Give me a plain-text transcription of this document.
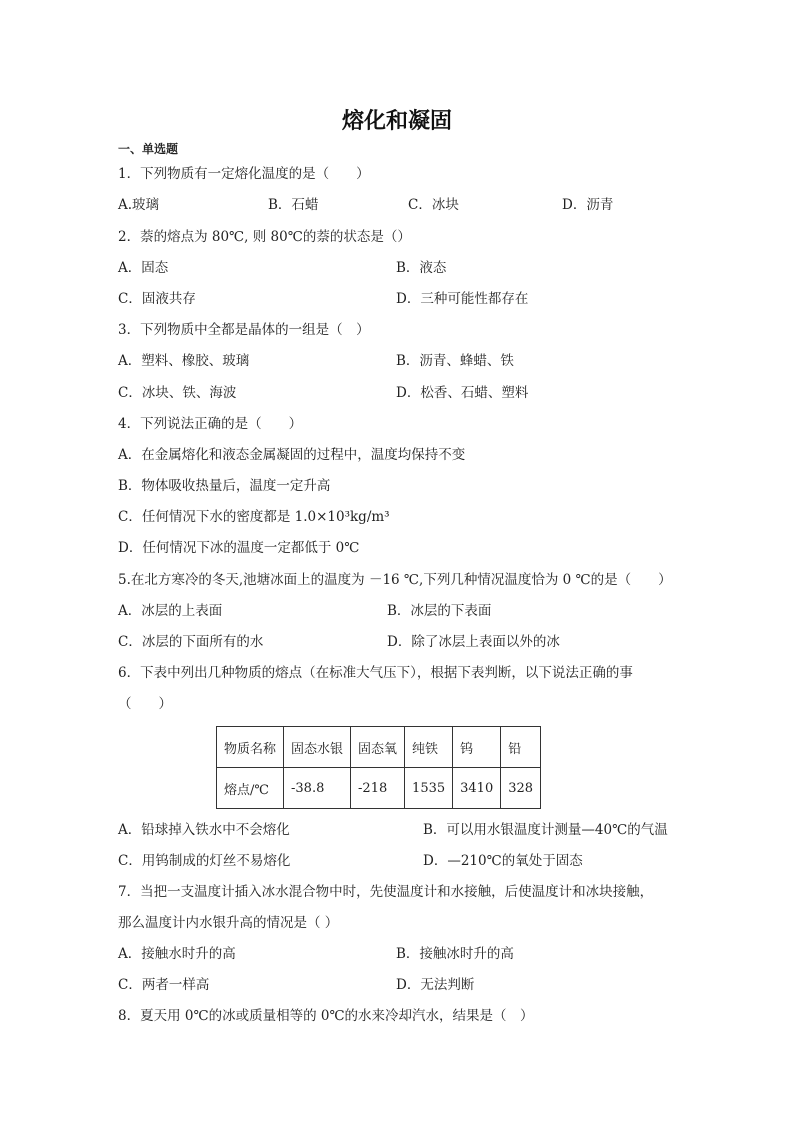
熔化和凝固
一、单选题
1．下列物质有一定熔化温度的是（　　）
A.玻璃	B．石蜡	C．冰块	D．沥青
2．萘的熔点为 80℃, 则 80℃的萘的状态是（）
A．固态	B．液态
C．固液共存	D．三种可能性都存在
3．下列物质中全都是晶体的一组是（　）
A．塑料、橡胶、玻璃	B．沥青、蜂蜡、铁
C．冰块、铁、海波	D．松香、石蜡、塑料
4．下列说法正确的是（　　）
A．在金属熔化和液态金属凝固的过程中，温度均保持不变
B．物体吸收热量后，温度一定升高
C．任何情况下水的密度都是 1.0×10³kg/m³
D．任何情况下冰的温度一定都低于 0℃
5.在北方寒冷的冬天,池塘冰面上的温度为 －16 ℃,下列几种情况温度恰为 0 ℃的是（　　）
A．冰层的上表面	B．冰层的下表面
C．冰层的下面所有的水	D．除了冰层上表面以外的冰
6．下表中列出几种物质的熔点（在标准大气压下），根据下表判断，以下说法正确的事
（　　）
物质名称	固态水银	固态氧	纯铁	钨	铅
熔点/℃	-38.8	-218	1535	3410	328
A．铅球掉入铁水中不会熔化	B．可以用水银温度计测量—40℃的气温
C．用钨制成的灯丝不易熔化	D．—210℃的氧处于固态
7．当把一支温度计插入冰水混合物中时，先使温度计和水接触，后使温度计和冰块接触，
那么温度计内水银升高的情况是（ ）
A．接触水时升的高	B．接触冰时升的高
C．两者一样高	D．无法判断
8．夏天用 0℃的冰或质量相等的 0℃的水来冷却汽水，结果是（　）
